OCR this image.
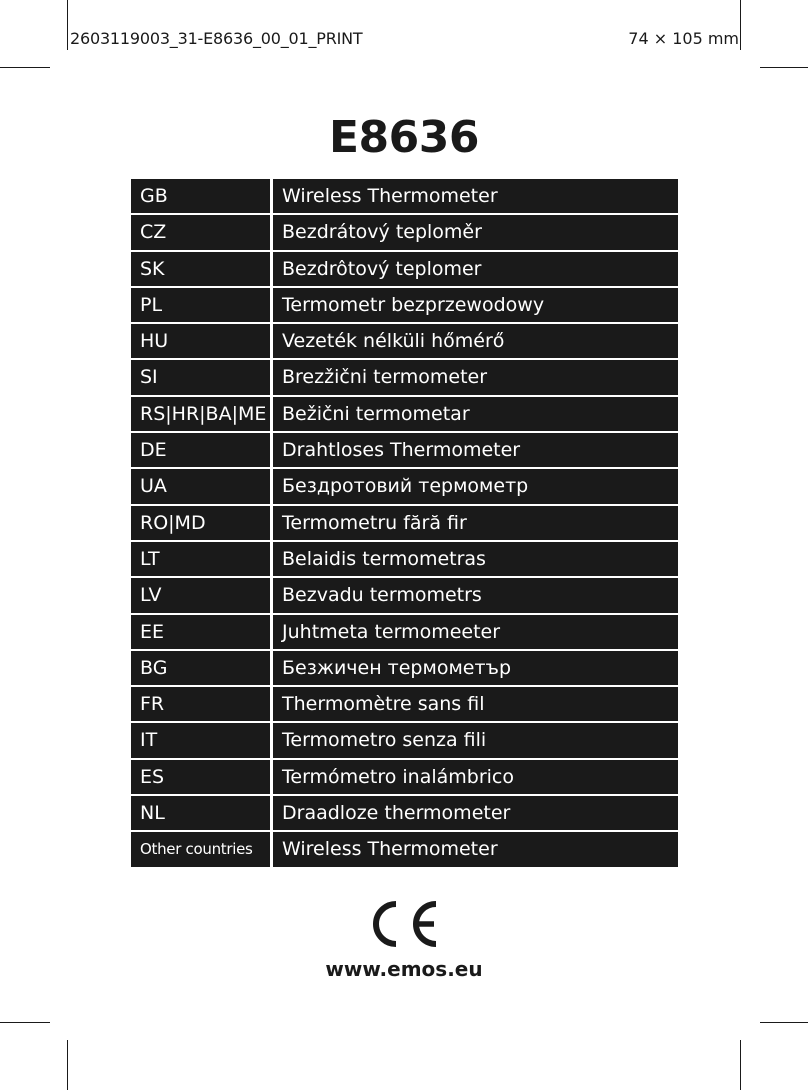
2603119003_31-E8636_00_01_PRINT	74 × 105 mm
E8636
GB	Wireless Thermometer
CZ	Bezdrátový teploměr
SK	Bezdrôtový teplomer
PL	Termometr bezprzewodowy
HU	Vezeték nélküli hőmérő
SI	Brezžični termometer
RS|HR|BA|ME Bežični termometar
DE	Drahtloses Thermometer
UA	Бездротовий термометр
RO|MD	Termometru fără fir
LT	Belaidis termometras
LV	Bezvadu termometrs
EE	Juhtmeta termomeeter
BG	Безжичен термометър
FR	Thermomètre sans fil
IT	Termometro senza fili
ES	Termómetro inalámbrico
NL	Draadloze thermometer
Other countries	Wireless Thermometer
www.emos.eu
